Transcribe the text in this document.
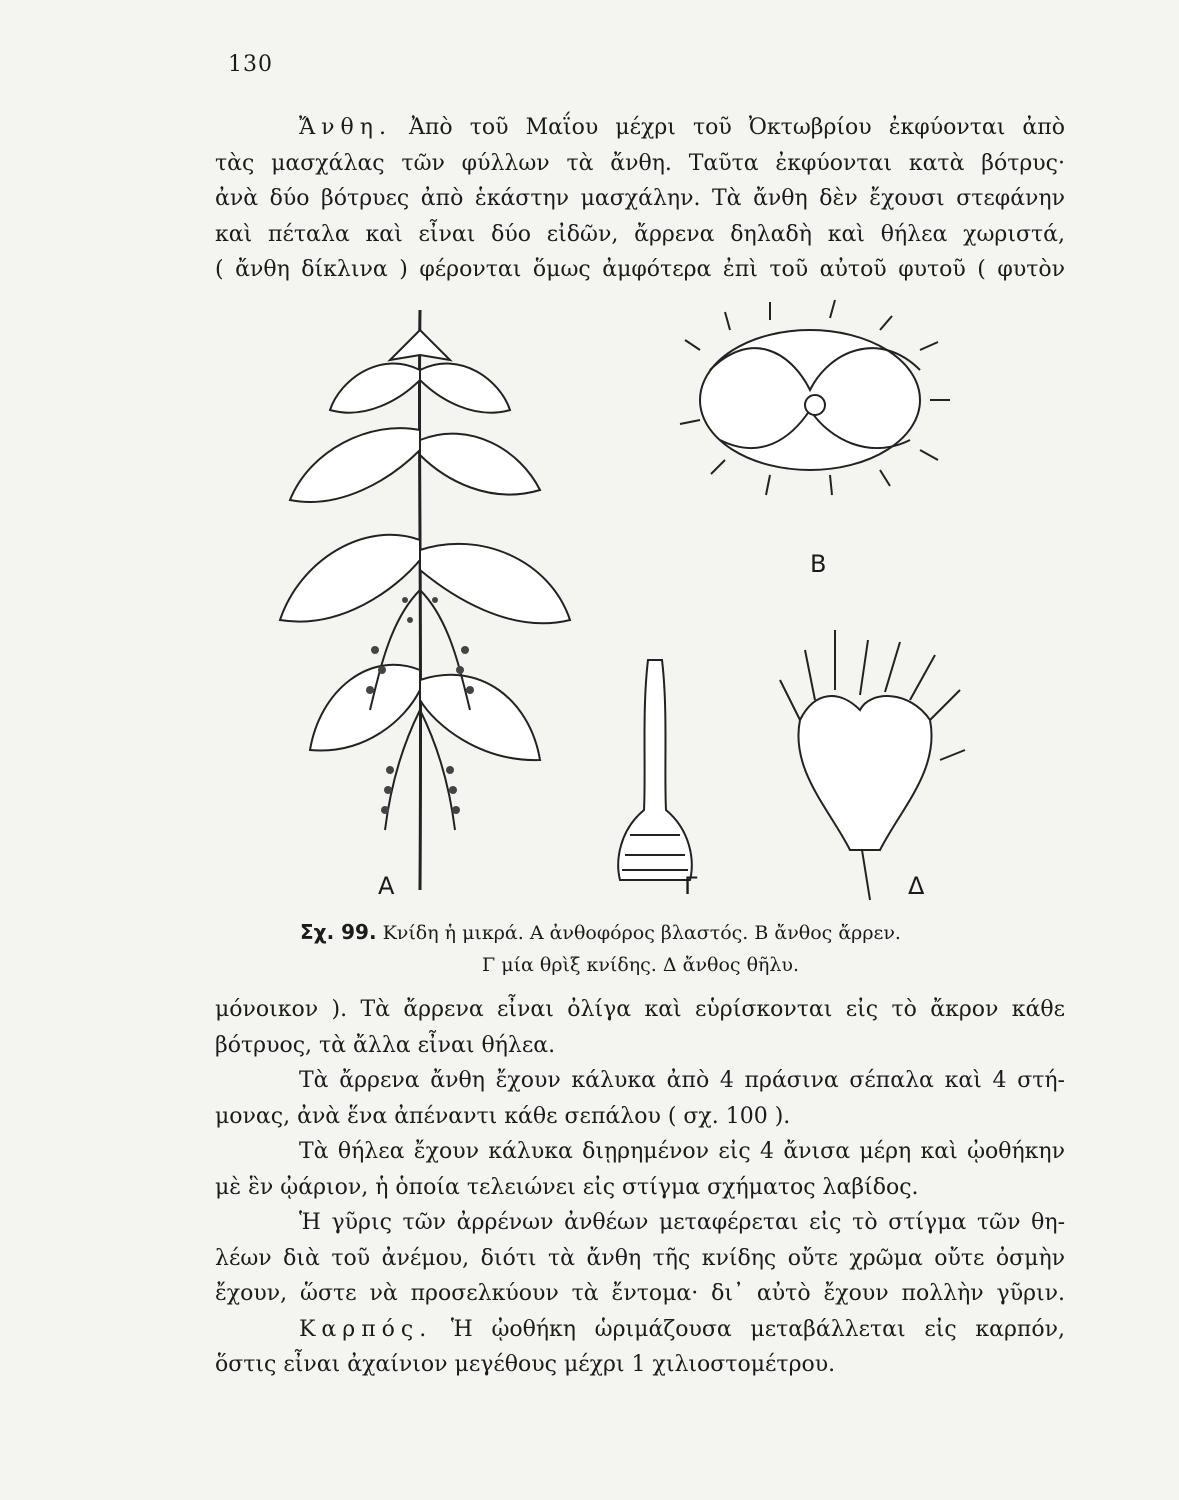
130
Ἄνθη. Ἀπὸ τοῦ Μαΐου μέχρι τοῦ Ὀκτωβρίου ἐκφύονται ἀπὸ
τὰς μασχάλας τῶν φύλλων τὰ ἄνθη. Ταῦτα ἐκφύονται κατὰ βότρυς·
ἀνὰ δύο βότρυες ἀπὸ ἑκάστην μασχάλην. Τὰ ἄνθη δὲν ἔχουσι στεφάνην
καὶ πέταλα καὶ εἶναι δύο εἰδῶν, ἄρρενα δηλαδὴ καὶ θήλεα χωριστά,
( ἄνθη δίκλινα ) φέρονται ὅμως ἀμφότερα ἐπὶ τοῦ αὐτοῦ φυτοῦ ( φυτὸν
Α
Β
Γ	Δ
Σχ. 99. Κνίδη ἡ μικρά. Α ἀνθοφόρος βλαστός. Β ἄνθος ἄρρεν.
Γ μία θρὶξ κνίδης. Δ ἄνθος θῆλυ.
μόνοικον ). Τὰ ἄρρενα εἶναι ὀλίγα καὶ εὑρίσκονται εἰς τὸ ἄκρον κάθε
βότρυος, τὰ ἄλλα εἶναι θήλεα.
Τὰ ἄρρενα ἄνθη ἔχουν κάλυκα ἀπὸ 4 πράσινα σέπαλα καὶ 4 στή-
μονας, ἀνὰ ἕνα ἀπέναντι κάθε σεπάλου ( σχ. 100 ).
Τὰ θήλεα ἔχουν κάλυκα διῃρημένον εἰς 4 ἄνισα μέρη καὶ ᾠοθήκην
μὲ ἓν ᾠάριον, ἡ ὁποία τελειώνει εἰς στίγμα σχήματος λαβίδος.
Ἡ γῦρις τῶν ἀρρένων ἀνθέων μεταφέρεται εἰς τὸ στίγμα τῶν θη-
λέων διὰ τοῦ ἀνέμου, διότι τὰ ἄνθη τῆς κνίδης οὔτε χρῶμα οὔτε ὀσμὴν
ἔχουν, ὥστε νὰ προσελκύουν τὰ ἔντομα· δι᾽ αὐτὸ ἔχουν πολλὴν γῦριν.
Καρπός. Ἡ ᾠοθήκη ὡριμάζουσα μεταβάλλεται εἰς καρπόν,
ὅστις εἶναι ἀχαίνιον μεγέθους μέχρι 1 χιλιοστομέτρου.
